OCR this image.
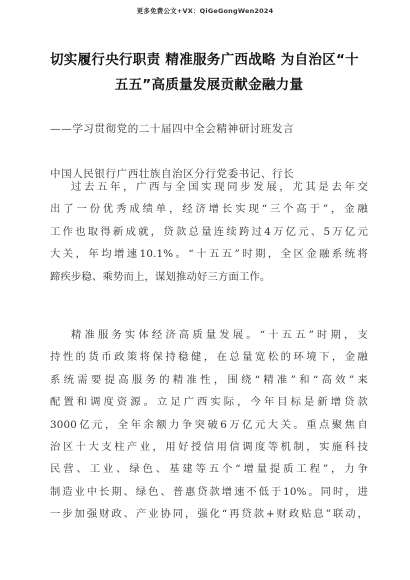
更多免费公文+VX：QiGeGongWen2024
切实履行央行职责 精准服务广西战略 为自治区“十
五五”高质量发展贡献金融力量
——学习贯彻党的二十届四中全会精神研讨班发言
中国人民银行广西壮族自治区分行党委书记、行长
过去五年，广西与全国实现同步发展，尤其是去年交
出了一份优秀成绩单，经济增长实现“三个高于”，金融
工作也取得新成就，贷款总量连续跨过4万亿元、5万亿元
大关，年均增速10.1%。“十五五”时期，全区金融系统将
蹄疾步稳、乘势而上，谋划推动好三方面工作。
精准服务实体经济高质量发展。“十五五”时期，支
持性的货币政策将保持稳健，在总量宽松的环境下，金融
系统需要提高服务的精准性，围绕“精准”和“高效”来
配置和调度资源。立足广西实际，今年目标是新增贷款
3000亿元，全年余额力争突破6万亿元大关。重点聚焦自
治区十大支柱产业，用好授信用信调度等机制，实施科技
民营、工业、绿色、基建等五个“增量提质工程”，力争
制造业中长期、绿色、普惠贷款增速不低于10%。同时，进
一步加强财政、产业协同，强化“再贷款+财政贴息”联动，
